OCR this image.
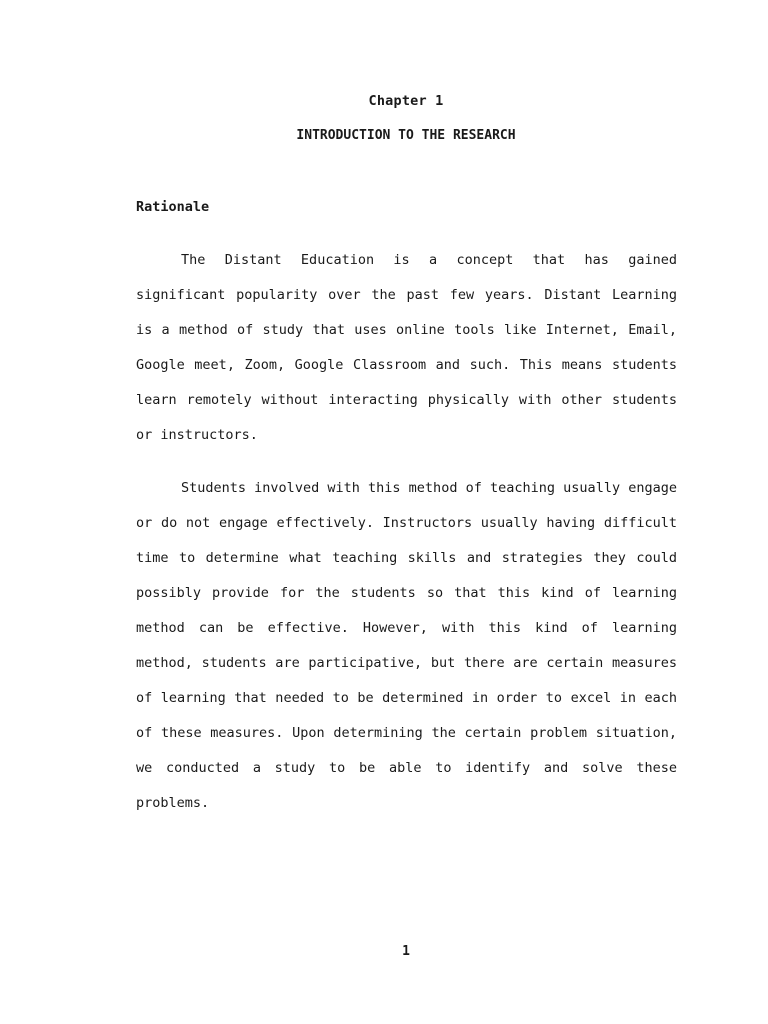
Chapter 1
INTRODUCTION TO THE RESEARCH
Rationale

The Distant Education is a concept that has gained significant popularity over the past few years. Distant Learning is a method of study that uses online tools like Internet, Email, Google meet, Zoom, Google Classroom and such. This means students learn remotely without interacting physically with other students or instructors.

Students involved with this method of teaching usually engage or do not engage effectively. Instructors usually having difficult time to determine what teaching skills and strategies they could possibly provide for the students so that this kind of learning method can be effective. However, with this kind of learning method, students are participative, but there are certain measures of learning that needed to be determined in order to excel in each of these measures. Upon determining the certain problem situation, we conducted a study to be able to identify and solve these problems.

1
